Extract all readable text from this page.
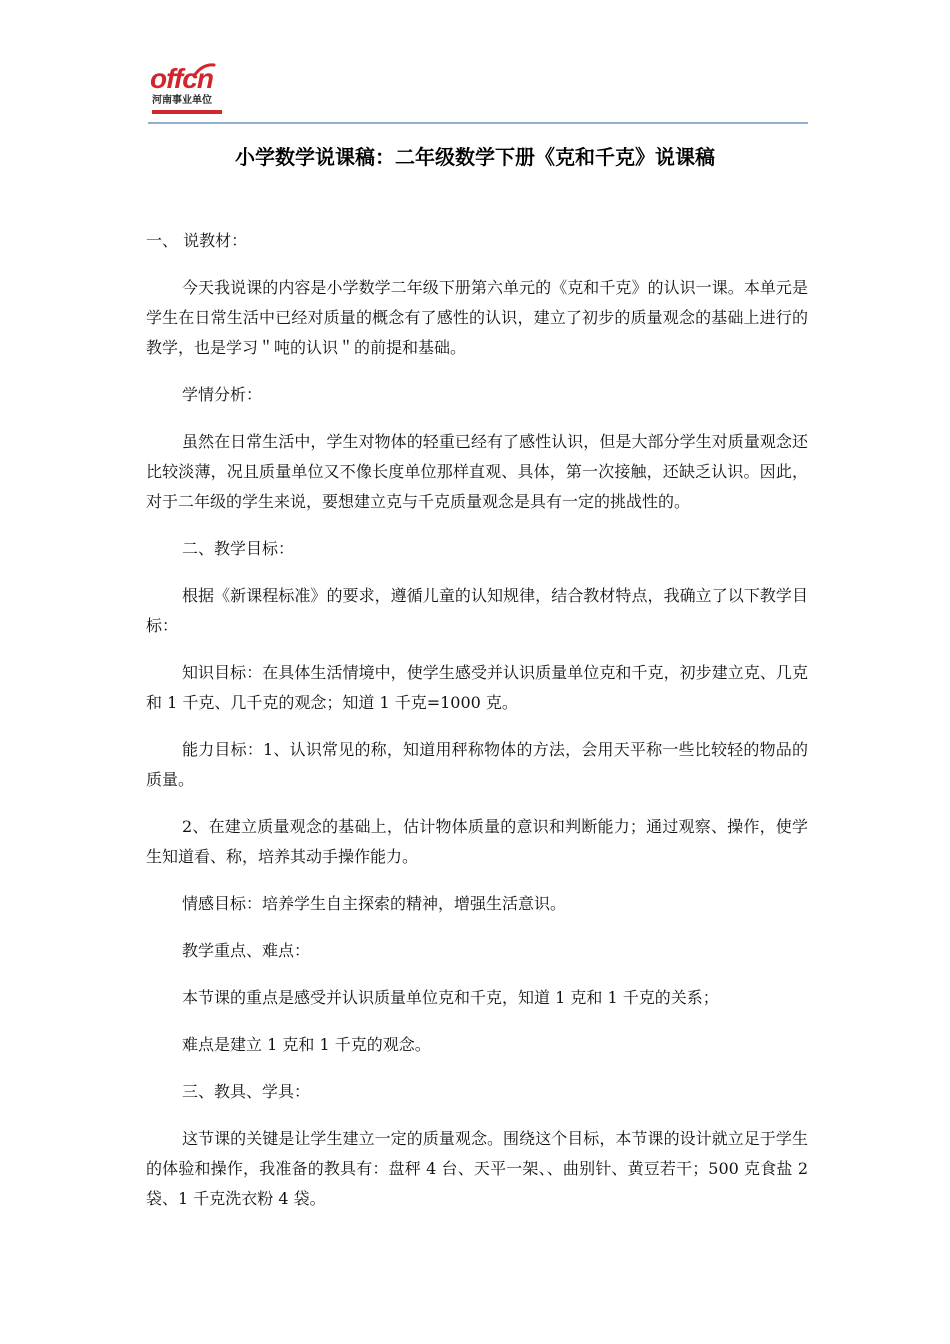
offcn
河南事业单位
小学数学说课稿：二年级数学下册《克和千克》说课稿

一、 说教材：

今天我说课的内容是小学数学二年级下册第六单元的《克和千克》的认识一课。本单元是学生在日常生活中已经对质量的概念有了感性的认识，建立了初步的质量观念的基础上进行的教学，也是学习＂吨的认识＂的前提和基础。

学情分析：

虽然在日常生活中，学生对物体的轻重已经有了感性认识，但是大部分学生对质量观念还比较淡薄，况且质量单位又不像长度单位那样直观、具体，第一次接触，还缺乏认识。因此，对于二年级的学生来说，要想建立克与千克质量观念是具有一定的挑战性的。

二、教学目标：

根据《新课程标准》的要求，遵循儿童的认知规律，结合教材特点，我确立了以下教学目标：

知识目标：在具体生活情境中，使学生感受并认识质量单位克和千克，初步建立克、几克和 1 千克、几千克的观念；知道 1 千克=1000 克。

能力目标：1、认识常见的称，知道用秤称物体的方法，会用天平称一些比较轻的物品的质量。

2、在建立质量观念的基础上，估计物体质量的意识和判断能力；通过观察、操作，使学生知道看、称，培养其动手操作能力。

情感目标：培养学生自主探索的精神，增强生活意识。

教学重点、难点：

本节课的重点是感受并认识质量单位克和千克，知道 1 克和 1 千克的关系；

难点是建立 1 克和 1 千克的观念。

三、教具、学具：

这节课的关键是让学生建立一定的质量观念。围绕这个目标，本节课的设计就立足于学生的体验和操作，我准备的教具有：盘秤 4 台、天平一架、、曲别针、黄豆若干；500 克食盐 2 袋、1 千克洗衣粉 4 袋。
